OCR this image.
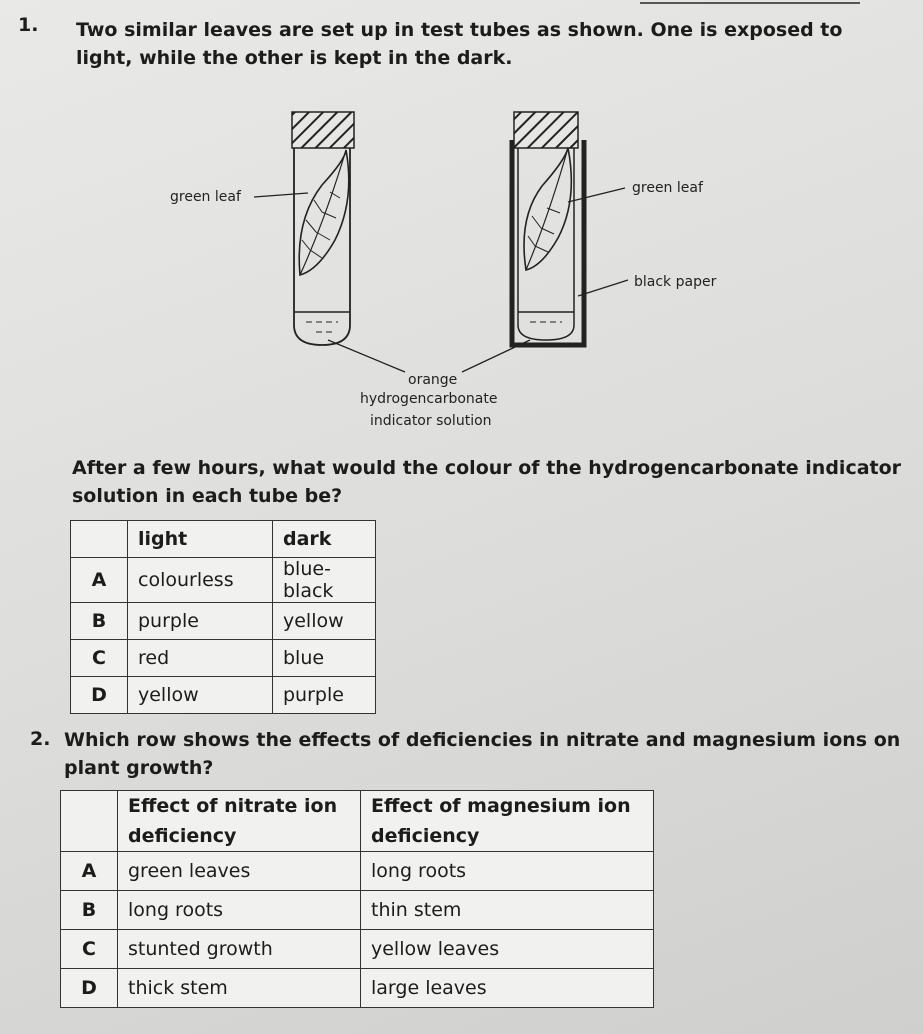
1. Two similar leaves are set up in test tubes as shown. One is exposed to light, while the other is kept in the dark.

green leaf
green leaf
black paper
orange
hydrogencarbonate
indicator solution

After a few hours, what would the colour of the hydrogencarbonate indicator solution in each tube be?

	light	dark
A	colourless	blue-black
B	purple	yellow
C	red	blue
D	yellow	purple
2. Which row shows the effects of deficiencies in nitrate and magnesium ions on plant growth?

	Effect of nitrate ion deficiency	Effect of magnesium ion deficiency
A	green leaves	long roots
B	long roots	thin stem
C	stunted growth	yellow leaves
D	thick stem	large leaves
